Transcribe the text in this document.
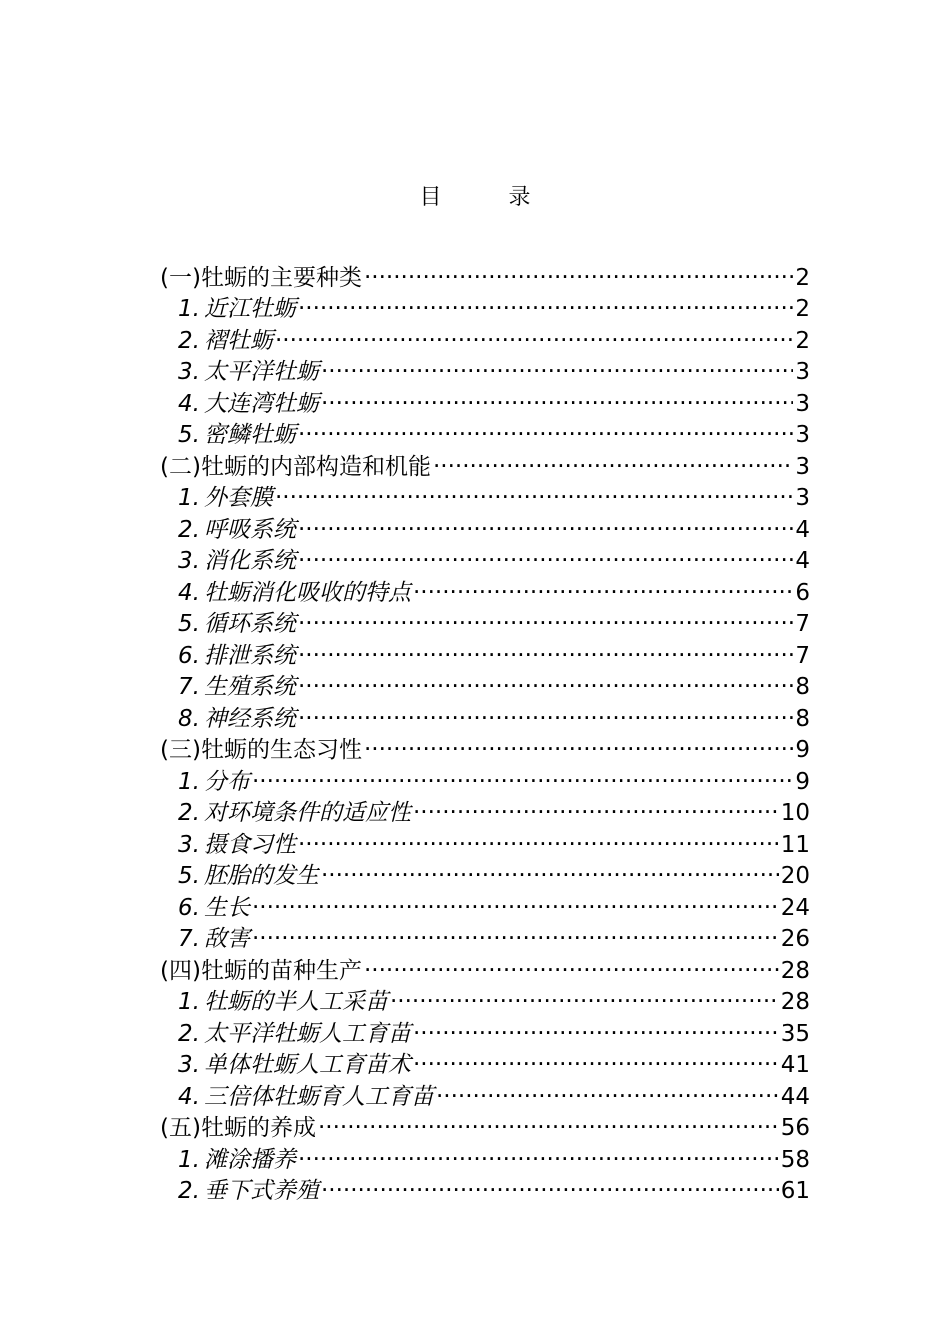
目 录
(一)牡蛎的主要种类 .....	2
1. 近江牡蛎 .....	2
2. 褶牡蛎 .....	2
3. 太平洋牡蛎 .....	3
4. 大连湾牡蛎 .....	3
5. 密鳞牡蛎 .....	3
(二)牡蛎的内部构造和机能 .....	3
1. 外套膜 .....	3
2. 呼吸系统 .....	4
3. 消化系统 .....	4
4. 牡蛎消化吸收的特点 .....	6
5. 循环系统 .....	7
6. 排泄系统 .....	7
7. 生殖系统 .....	8
8. 神经系统 .....	8
(三)牡蛎的生态习性 .....	9
1. 分布 .....	9
2. 对环境条件的适应性 .....	10
3. 摄食习性 .....	11
5. 胚胎的发生 .....	20
6. 生长 .....	24
7. 敌害 .....	26
(四)牡蛎的苗种生产 .....	28
1. 牡蛎的半人工采苗 .....	28
2. 太平洋牡蛎人工育苗 .....	35
3. 单体牡蛎人工育苗术 .....	41
4. 三倍体牡蛎育人工育苗 .....	44
(五)牡蛎的养成 .....	56
1. 滩涂播养 .....	58
2. 垂下式养殖 .....	61
